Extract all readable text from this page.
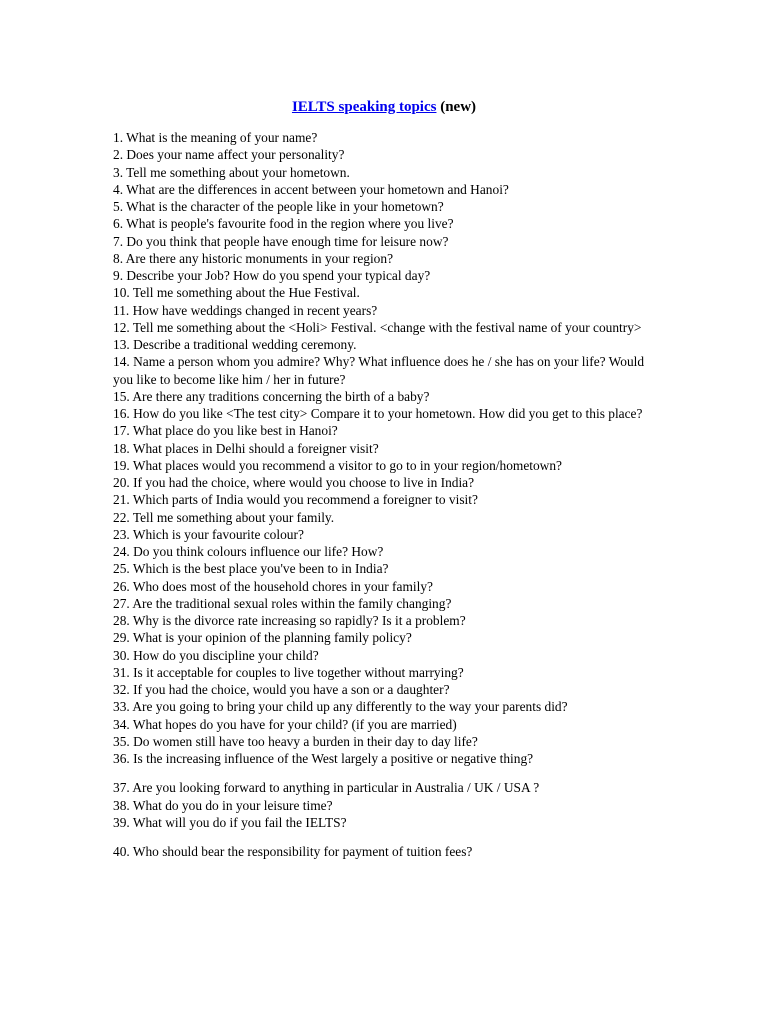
IELTS speaking topics (new)
1. What is the meaning of your name?
2. Does your name affect your personality?
3. Tell me something about your hometown.
4. What are the differences in accent between your hometown and Hanoi?
5. What is the character of the people like in your hometown?
6. What is people's favourite food in the region where you live?
7. Do you think that people have enough time for leisure now?
8. Are there any historic monuments in your region?
9. Describe your Job? How do you spend your typical day?
10. Tell me something about the Hue Festival.
11. How have weddings changed in recent years?
12. Tell me something about the <Holi> Festival. <change with the festival name of your country>
13. Describe a traditional wedding ceremony.
14. Name a person whom you admire? Why? What influence does he / she has on your life? Would you like to become like him / her in future?
15. Are there any traditions concerning the birth of a baby?
16. How do you like <The test city> Compare it to your hometown. How did you get to this place?
17. What place do you like best in Hanoi?
18. What places in Delhi should a foreigner visit?
19. What places would you recommend a visitor to go to in your region/hometown?
20. If you had the choice, where would you choose to live in India?
21. Which parts of India would you recommend a foreigner to visit?
22. Tell me something about your family.
23. Which is your favourite colour?
24. Do you think colours influence our life? How?
25. Which is the best place you've been to in India?
26. Who does most of the household chores in your family?
27. Are the traditional sexual roles within the family changing?
28. Why is the divorce rate increasing so rapidly? Is it a problem?
29. What is your opinion of the planning family policy?
30. How do you discipline your child?
31. Is it acceptable for couples to live together without marrying?
32. If you had the choice, would you have a son or a daughter?
33. Are you going to bring your child up any differently to the way your parents did?
34. What hopes do you have for your child? (if you are married)
35. Do women still have too heavy a burden in their day to day life?
36. Is the increasing influence of the West largely a positive or negative thing?
37. Are you looking forward to anything in particular in Australia / UK / USA ?
38. What do you do in your leisure time?
39. What will you do if you fail the IELTS?
40. Who should bear the responsibility for payment of tuition fees?
